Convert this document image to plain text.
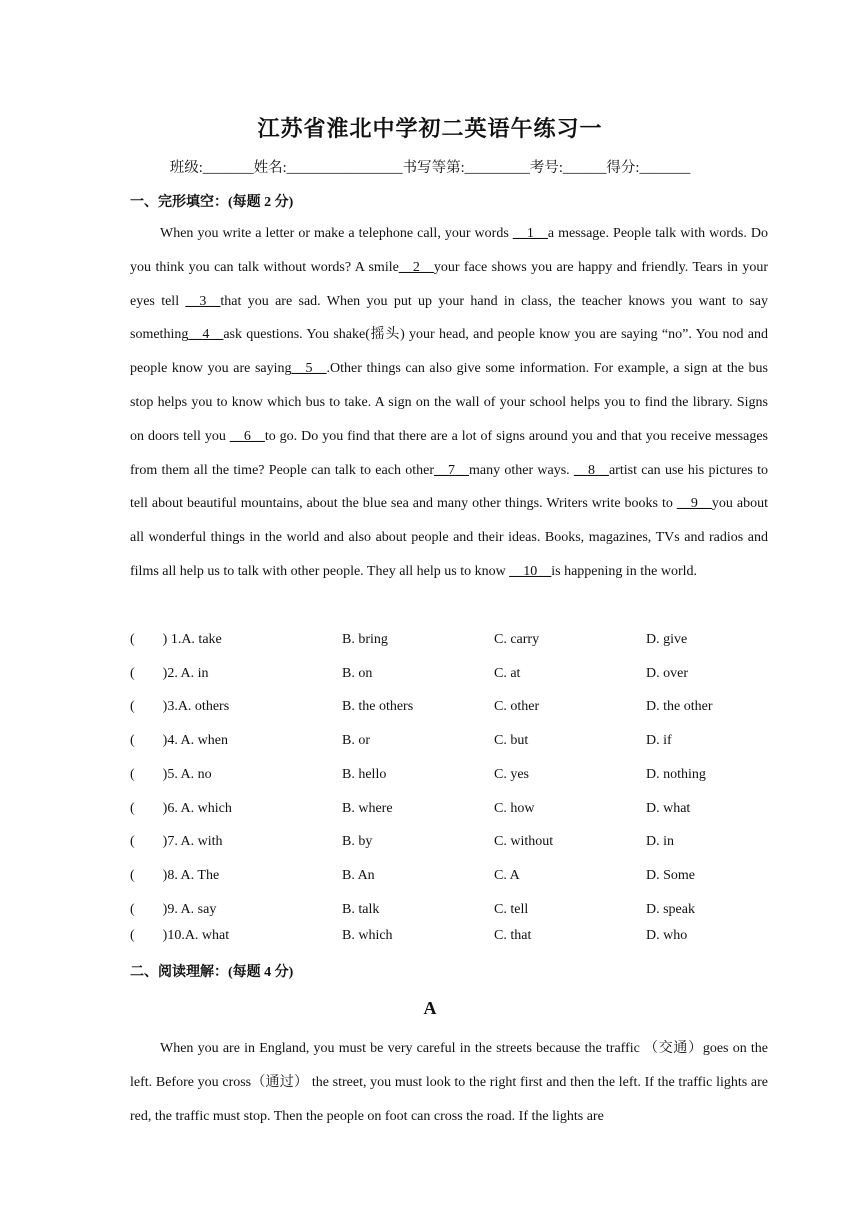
江苏省淮北中学初二英语午练习一
班级:_______姓名:________________书写等第:_________考号:______得分:_______
一、完形填空：(每题 2 分)

When you write a letter or make a telephone call, your words __1__a message. People talk with words. Do you think you can talk without words? A smile__2__your face shows you are happy and friendly. Tears in your eyes tell __3__that you are sad. When you put up your hand in class, the teacher knows you want to say something__4__ask questions. You shake(摇头) your head, and people know you are saying “no”. You nod and people know you are saying__5__.Other things can also give some information. For example, a sign at the bus stop helps you to know which bus to take. A sign on the wall of your school helps you to find the library. Signs on doors tell you __6__to go. Do you find that there are a lot of signs around you and that you receive messages from them all the time? People can talk to each other__7__many other ways. __8__artist can use his pictures to tell about beautiful mountains, about the blue sea and many other things. Writers write books to __9__you about all wonderful things in the world and also about people and their ideas. Books, magazines, TVs and radios and films all help us to talk with other people. They all help us to know __10__is happening in the world.

(        ) 1.A. take	B. bring	C. carry	D. give
(        )2. A. in	B. on	C. at	D. over
(        )3.A. others	B. the others	C. other	D. the other
(        )4. A. when	B. or	C. but	D. if
(        )5. A. no	B. hello	C. yes	D. nothing
(        )6. A. which	B. where	C. how	D. what
(        )7. A. with	B. by	C. without	D. in
(        )8. A. The	B. An	C. A	D. Some
(        )9. A. say	B. talk	C. tell	D. speak
(        )10.A. what	B. which	C. that	D. who
二、阅读理解：(每题 4 分)
A

When you are in England, you must be very careful in the streets because the traffic （交通）goes on the left. Before you cross（通过） the street, you must look to the right first and then the left. If the traffic lights are red, the traffic must stop. Then the people on foot can cross the road. If the lights are
